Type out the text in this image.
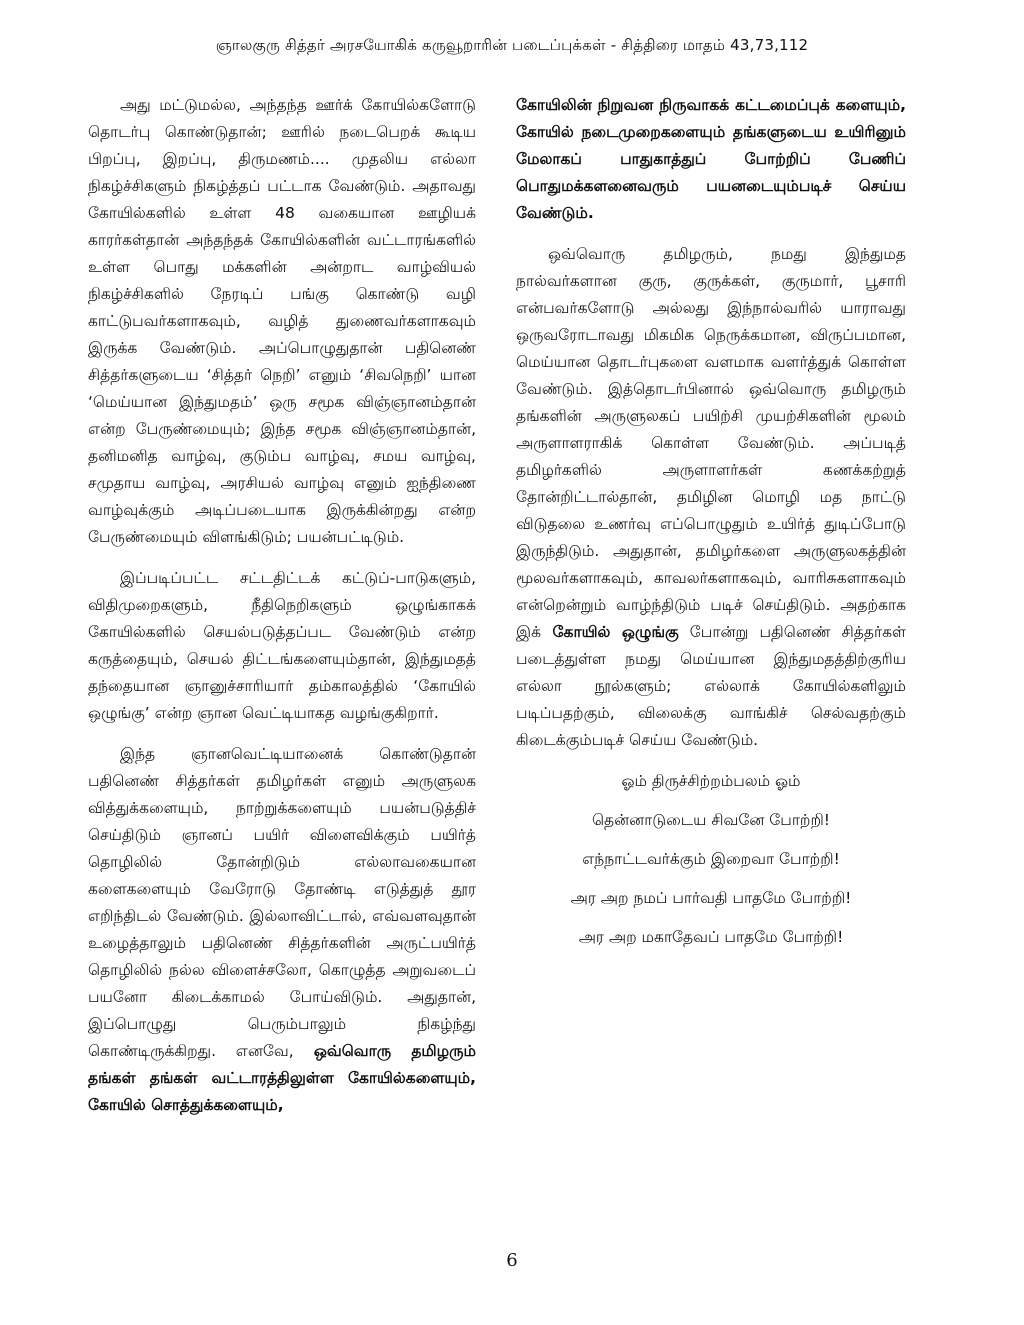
ஞாலகுரு சித்தர் அரசயோகிக் கருவூறாரின் படைப்புக்கள் - சித்திரை மாதம் 43,73,112

அது மட்டுமல்ல, அந்தந்த ஊர்க் கோயில்களோடு தொடர்பு கொண்டுதான்; ஊரில் நடைபெறக் கூடிய பிறப்பு, இறப்பு, திருமணம்.... முதலிய எல்லா நிகழ்ச்சிகளும் நிகழ்த்தப் பட்டாக வேண்டும். அதாவது கோயில்களில் உள்ள 48 வகையான ஊழியக் காரர்கள்தான் அந்தந்தக் கோயில்களின் வட்டாரங்களில் உள்ள பொது மக்களின் அன்றாட வாழ்வியல் நிகழ்ச்சிகளில் நேரடிப் பங்கு கொண்டு வழி காட்டுபவர்களாகவும், வழித் துணைவர்களாகவும் இருக்க வேண்டும். அப்பொழுதுதான் பதினெண் சித்தர்களுடைய ‘சித்தர் நெறி’ எனும் ‘சிவநெறி’ யான ‘மெய்யான இந்துமதம்’ ஒரு சமூக விஞ்ஞானம்தான் என்ற பேருண்மையும்; இந்த சமூக விஞ்ஞானம்தான், தனிமனித வாழ்வு, குடும்ப வாழ்வு, சமய வாழ்வு, சமுதாய வாழ்வு, அரசியல் வாழ்வு எனும் ஐந்திணை வாழ்வுக்கும் அடிப்படையாக இருக்கின்றது என்ற பேருண்மையும் விளங்கிடும்; பயன்பட்டிடும்.

இப்படிப்பட்ட சட்டதிட்டக் கட்டுப்-பாடுகளும், விதிமுறைகளும், நீதிநெறிகளும் ஒழுங்காகக் கோயில்களில் செயல்படுத்தப்பட வேண்டும் என்ற கருத்தையும், செயல் திட்டங்களையும்தான், இந்துமதத் தந்தையான ஞானுச்சாரியார் தம்காலத்தில் ‘கோயில் ஒழுங்கு’ என்ற ஞான வெட்டியாகத வழங்குகிறார்.

இந்த ஞானவெட்டியானைக் கொண்டுதான் பதினெண் சித்தர்கள் தமிழர்கள் எனும் அருளுலக வித்துக்களையும், நாற்றுக்களையும் பயன்படுத்திச் செய்திடும் ஞானப் பயிர் விளைவிக்கும் பயிர்த் தொழிலில் தோன்றிடும் எல்லாவகையான களைகளையும் வேரோடு தோண்டி எடுத்துத் தூர எறிந்திடல் வேண்டும். இல்லாவிட்டால், எவ்வளவுதான் உழைத்தாலும் பதினெண் சித்தர்களின் அருட்பயிர்த் தொழிலில் நல்ல விளைச்சலோ, கொழுத்த அறுவடைப் பயனோ கிடைக்காமல் போய்விடும். அதுதான், இப்பொழுது பெரும்பாலும் நிகழ்ந்து கொண்டிருக்கிறது. எனவே, ஒவ்வொரு தமிழரும் தங்கள் தங்கள் வட்டாரத்திலுள்ள கோயில்களையும், கோயில் சொத்துக்களையும்,

கோயிலின் நிறுவன நிருவாகக் கட்டமைப்புக் களையும், கோயில் நடைமுறைகளையும் தங்களுடைய உயிரினும் மேலாகப் பாதுகாத்துப் போற்றிப் பேணிப் பொதுமக்களனைவரும் பயனடையும்படிச் செய்ய வேண்டும்.

ஒவ்வொரு தமிழரும், நமது இந்துமத நால்வர்களான குரு, குருக்கள், குருமார், பூசாரி என்பவர்களோடு அல்லது இந்நால்வரில் யாராவது ஒருவரோடாவது மிகமிக நெருக்கமான, விருப்பமான, மெய்யான தொடர்புகளை வளமாக வளர்த்துக் கொள்ள வேண்டும். இத்தொடர்பினால் ஒவ்வொரு தமிழரும் தங்களின் அருளுலகப் பயிற்சி முயற்சிகளின் மூலம் அருளாளராகிக் கொள்ள வேண்டும். அப்படித் தமிழர்களில் அருளாளர்கள் கணக்கற்றுத் தோன்றிட்டால்தான், தமிழின மொழி மத நாட்டு விடுதலை உணர்வு எப்பொழுதும் உயிர்த் துடிப்போடு இருந்திடும். அதுதான், தமிழர்களை அருளுலகத்தின் மூலவர்களாகவும், காவலர்களாகவும், வாரிசுகளாகவும் என்றென்றும் வாழ்ந்திடும் படிச் செய்திடும். அதற்காக இக் கோயில் ஒழுங்கு போன்று பதினெண் சித்தர்கள் படைத்துள்ள நமது மெய்யான இந்துமதத்திற்குரிய எல்லா நூல்களும்; எல்லாக் கோயில்களிலும் படிப்பதற்கும், விலைக்கு வாங்கிச் செல்வதற்கும் கிடைக்கும்படிச் செய்ய வேண்டும்.

ஓம் திருச்சிற்றம்பலம் ஓம்
தென்னாடுடைய சிவனே போற்றி!
எந்நாட்டவர்க்கும் இறைவா போற்றி!
அர அற நமப் பார்வதி பாதமே போற்றி!
அர அற மகாதேவப் பாதமே போற்றி!
6
